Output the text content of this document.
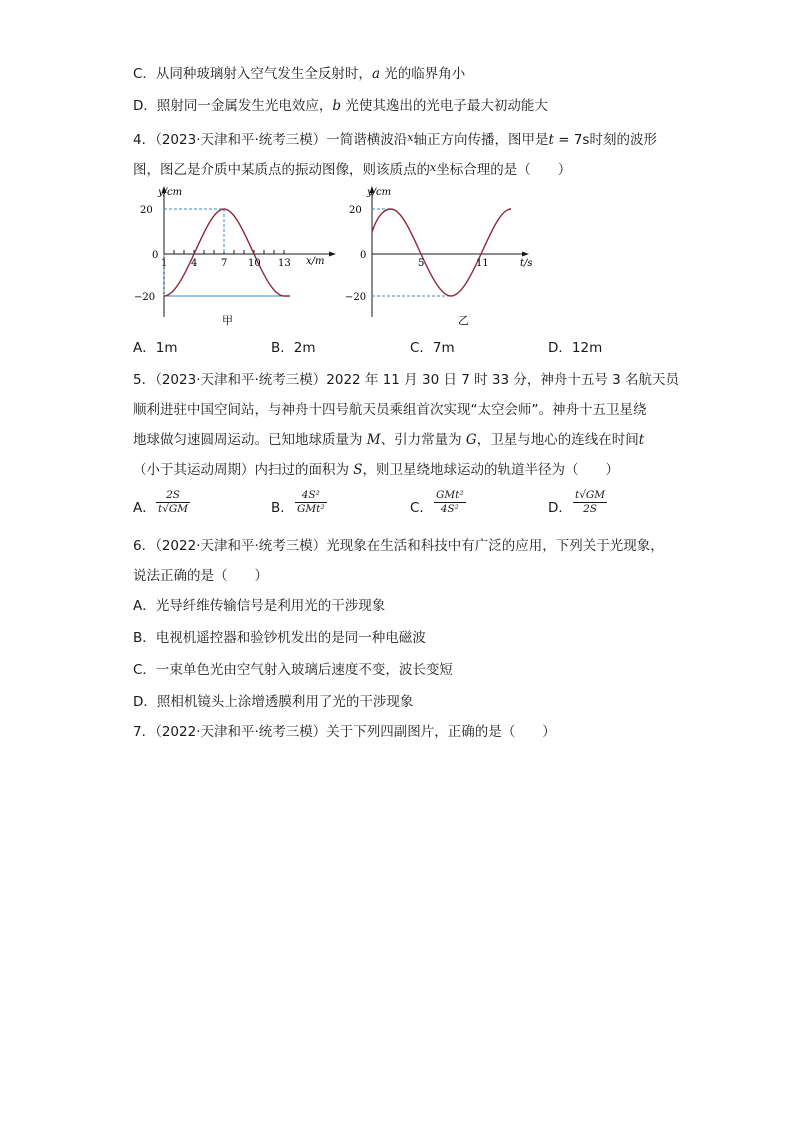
C．从同种玻璃射入空气发生全反射时，a 光的临界角小
D．照射同一金属发生光电效应，b 光使其逸出的光电子最大初动能大
4．（2023·天津和平·统考三模）一简谐横波沿$^x$轴正方向传播，图甲是t = 7s时刻的波形
图，图乙是介质中某质点的振动图像，则该质点的$^x$坐标合理的是（　　）
y/cm
20
0
−20
1 4 7 10 13 x/m
甲
y/cm
20
0
−20
5	11	t/s
乙
A．1m	B．2m	C．7m	D．12m
5．（2023·天津和平·统考三模）2022 年 11 月 30 日 7 时 33 分，神舟十五号 3 名航天员
顺利进驻中国空间站，与神舟十四号航天员乘组首次实现“太空会师”。神舟十五卫星绕
地球做匀速圆周运动。已知地球质量为 M、引力常量为 G，卫星与地心的连线在时间t
（小于其运动周期）内扫过的面积为 S，则卫星绕地球运动的轨道半径为（　　）
A．
2S
t√GM	B．
4S²
GMt²	C．
GMt²
4S²	D．
t√GM
2S
6．（2022·天津和平·统考三模）光现象在生活和科技中有广泛的应用，下列关于光现象，
说法正确的是（　　）
A．光导纤维传输信号是利用光的干涉现象
B．电视机遥控器和验钞机发出的是同一种电磁波
C．一束单色光由空气射入玻璃后速度不变，波长变短
D．照相机镜头上涂增透膜利用了光的干涉现象
7．（2022·天津和平·统考三模）关于下列四副图片，正确的是（　　）
